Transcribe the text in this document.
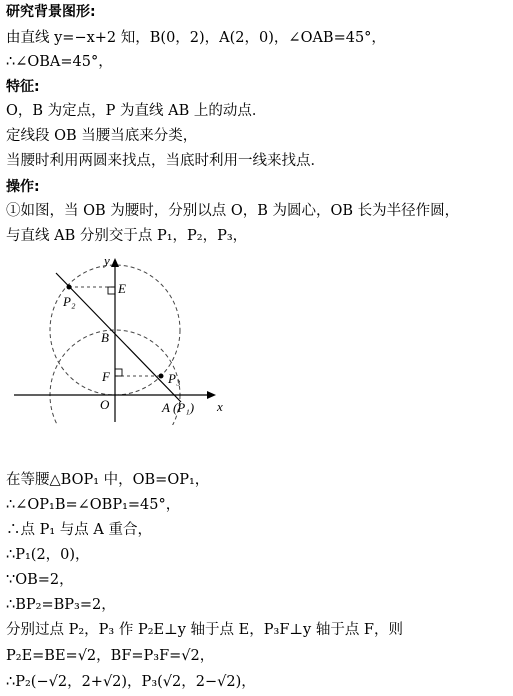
研究背景图形:
由直线 y=−x+2 知，B(0，2)，A(2，0)，∠OAB=45°，
∴∠OBA=45°，
特征:
O，B 为定点，P 为直线 AB 上的动点．
定线段 OB 当腰当底来分类，
当腰时利用两圆来找点，当底时利用一线来找点．
操作:
①如图，当 OB 为腰时，分别以点 O，B 为圆心，OB 长为半径作圆，
与直线 AB 分别交于点 P₁，P₂，P₃，
y
x
O
B
E
F
P₂
P₃
A (P₁)
在等腰△BOP₁ 中，OB=OP₁，
∴∠OP₁B=∠OBP₁=45°，
∴点 P₁ 与点 A 重合，
∴P₁(2，0)，
∵OB=2，
∴BP₂=BP₃=2，
分别过点 P₂，P₃ 作 P₂E⊥y 轴于点 E，P₃F⊥y 轴于点 F，则
P₂E=BE=√2，BF=P₃F=√2，
∴P₂(−√2，2+√2)，P₃(√2，2−√2)，
